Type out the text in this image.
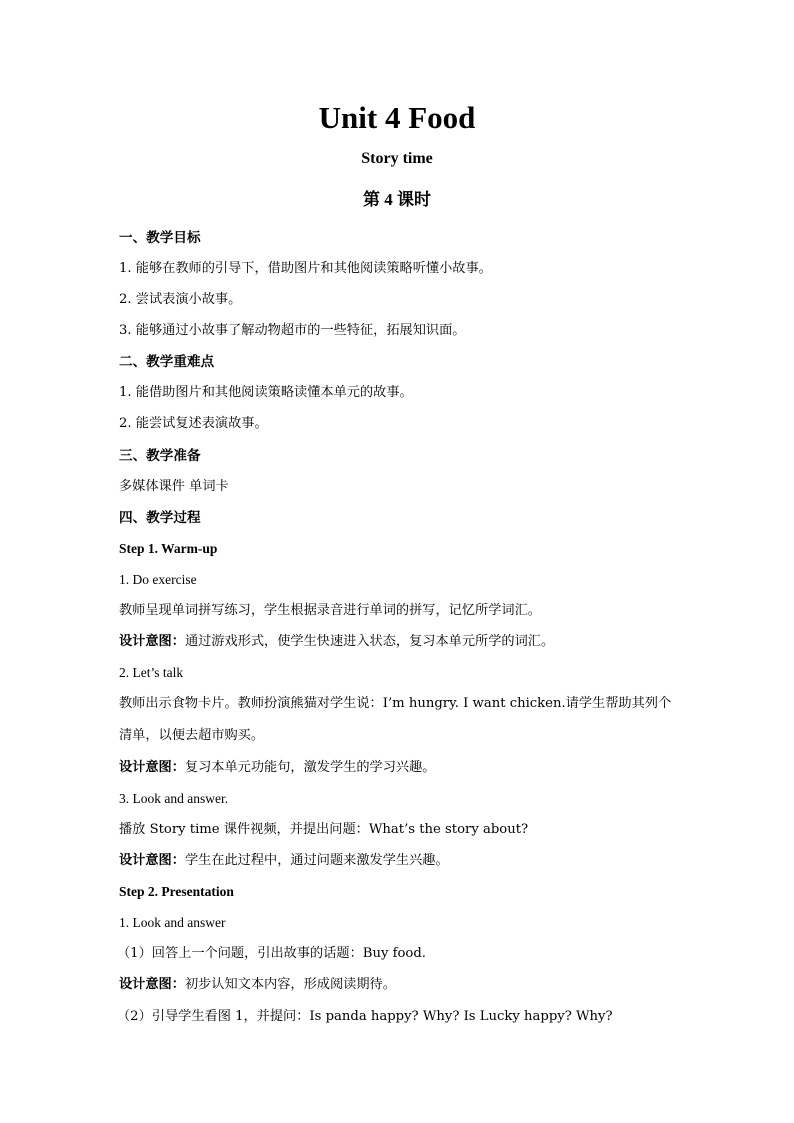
Unit 4 Food
Story time
第 4 课时

一、教学目标

1. 能够在教师的引导下，借助图片和其他阅读策略听懂小故事。

2. 尝试表演小故事。

3. 能够通过小故事了解动物超市的一些特征，拓展知识面。

二、教学重难点

1. 能借助图片和其他阅读策略读懂本单元的故事。

2. 能尝试复述表演故事。

三、教学准备

多媒体课件 单词卡

四、教学过程

Step 1. Warm-up

1. Do exercise

教师呈现单词拼写练习，学生根据录音进行单词的拼写，记忆所学词汇。

设计意图：通过游戏形式，使学生快速进入状态，复习本单元所学的词汇。

2. Let’s talk

教师出示食物卡片。教师扮演熊猫对学生说：I’m hungry. I want chicken.请学生帮助其列个

清单，以便去超市购买。

设计意图：复习本单元功能句，激发学生的学习兴趣。

3. Look and answer.

播放 Story time 课件视频，并提出问题：What’s the story about?

设计意图：学生在此过程中，通过问题来激发学生兴趣。

Step 2. Presentation

1. Look and answer

（1）回答上一个问题，引出故事的话题：Buy food.

设计意图：初步认知文本内容，形成阅读期待。

（2）引导学生看图 1，并提问：Is panda happy? Why? Is Lucky happy? Why?
